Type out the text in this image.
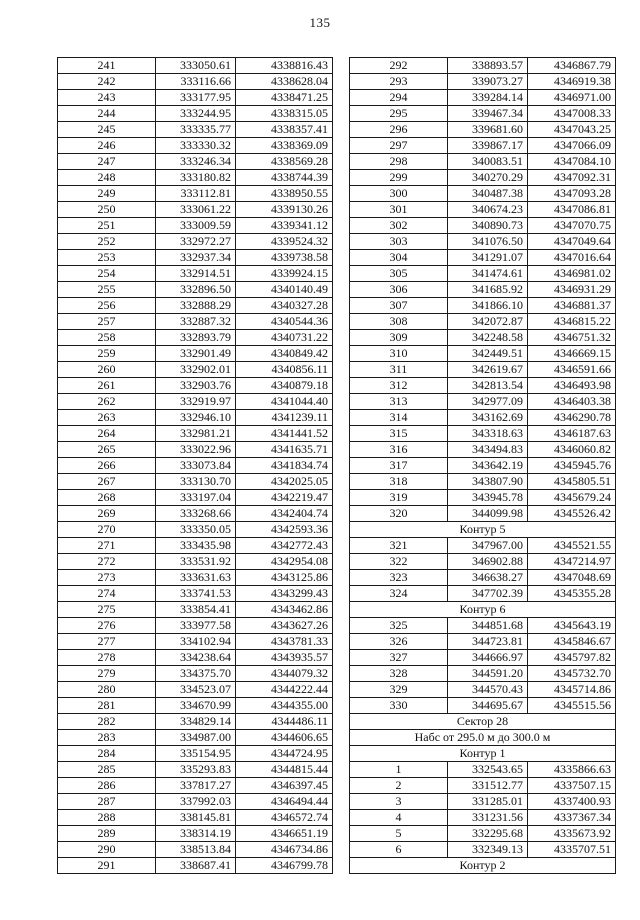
135
241	333050.61	4338816.43
242	333116.66	4338628.04
243	333177.95	4338471.25
244	333244.95	4338315.05
245	333335.77	4338357.41
246	333330.32	4338369.09
247	333246.34	4338569.28
248	333180.82	4338744.39
249	333112.81	4338950.55
250	333061.22	4339130.26
251	333009.59	4339341.12
252	332972.27	4339524.32
253	332937.34	4339738.58
254	332914.51	4339924.15
255	332896.50	4340140.49
256	332888.29	4340327.28
257	332887.32	4340544.36
258	332893.79	4340731.22
259	332901.49	4340849.42
260	332902.01	4340856.11
261	332903.76	4340879.18
262	332919.97	4341044.40
263	332946.10	4341239.11
264	332981.21	4341441.52
265	333022.96	4341635.71
266	333073.84	4341834.74
267	333130.70	4342025.05
268	333197.04	4342219.47
269	333268.66	4342404.74
270	333350.05	4342593.36
271	333435.98	4342772.43
272	333531.92	4342954.08
273	333631.63	4343125.86
274	333741.53	4343299.43
275	333854.41	4343462.86
276	333977.58	4343627.26
277	334102.94	4343781.33
278	334238.64	4343935.57
279	334375.70	4344079.32
280	334523.07	4344222.44
281	334670.99	4344355.00
282	334829.14	4344486.11
283	334987.00	4344606.65
284	335154.95	4344724.95
285	335293.83	4344815.44
286	337817.27	4346397.45
287	337992.03	4346494.44
288	338145.81	4346572.74
289	338314.19	4346651.19
290	338513.84	4346734.86
291	338687.41	4346799.78
292	338893.57	4346867.79
293	339073.27	4346919.38
294	339284.14	4346971.00
295	339467.34	4347008.33
296	339681.60	4347043.25
297	339867.17	4347066.09
298	340083.51	4347084.10
299	340270.29	4347092.31
300	340487.38	4347093.28
301	340674.23	4347086.81
302	340890.73	4347070.75
303	341076.50	4347049.64
304	341291.07	4347016.64
305	341474.61	4346981.02
306	341685.92	4346931.29
307	341866.10	4346881.37
308	342072.87	4346815.22
309	342248.58	4346751.32
310	342449.51	4346669.15
311	342619.67	4346591.66
312	342813.54	4346493.98
313	342977.09	4346403.38
314	343162.69	4346290.78
315	343318.63	4346187.63
316	343494.83	4346060.82
317	343642.19	4345945.76
318	343807.90	4345805.51
319	343945.78	4345679.24
320	344099.98	4345526.42
Контур 5		
321	347967.00	4345521.55
322	346902.88	4347214.97
323	346638.27	4347048.69
324	347702.39	4345355.28
Контур 6		
325	344851.68	4345643.19
326	344723.81	4345846.67
327	344666.97	4345797.82
328	344591.20	4345732.70
329	344570.43	4345714.86
330	344695.67	4345515.56
Сектор 28		
Набс от 295.0 м до 300.0 м		
Контур 1		
1	332543.65	4335866.63
2	331512.77	4337507.15
3	331285.01	4337400.93
4	331231.56	4337367.34
5	332295.68	4335673.92
6	332349.13	4335707.51
Контур 2		
